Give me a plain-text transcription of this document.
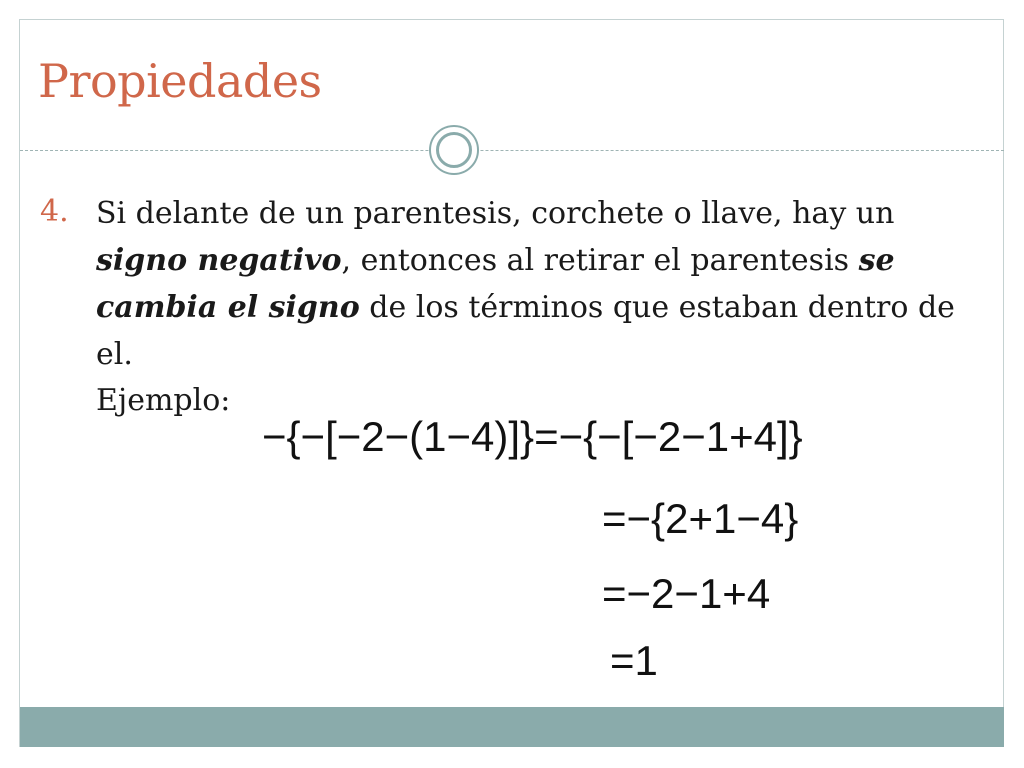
Propiedades
4. Si delante de un parentesis, corchete o llave, hay un signo negativo, entonces al retirar el parentesis se cambia el signo de los términos que estaban dentro de el.
Ejemplo:
−{−[−2−(1−4)]}=−{−[−2−1+4]}
=−{2+1−4}
=−2−1+4
=1
